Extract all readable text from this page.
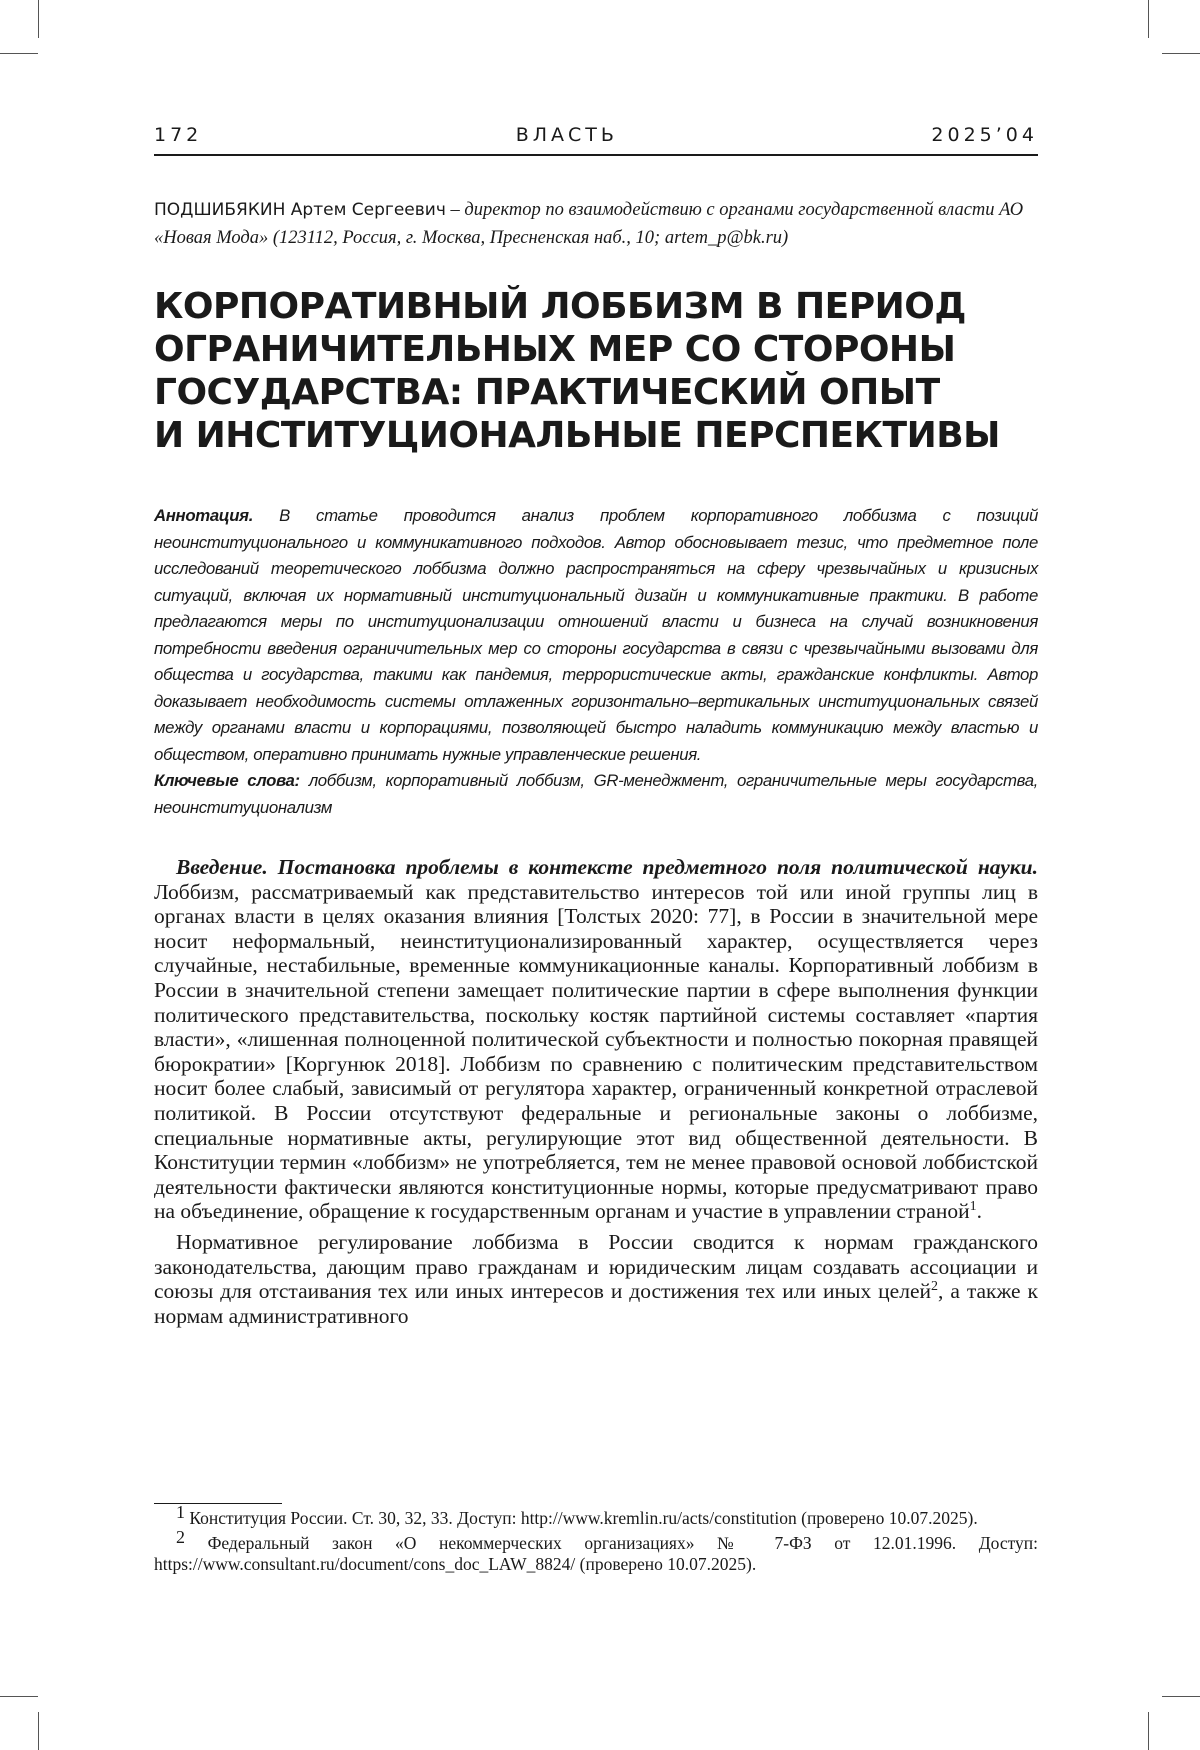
172	ВЛАСТЬ	2025’04
ПОДШИБЯКИН Артем Сергеевич – директор по взаимодействию с органами государственной власти АО «Новая Мода» (123112, Россия, г. Москва, Пресненская наб., 10; artem_p@bk.ru)
КОРПОРАТИВНЫЙ ЛОББИЗМ В ПЕРИОД
ОГРАНИЧИТЕЛЬНЫХ МЕР СО СТОРОНЫ
ГОСУДАРСТВА: ПРАКТИЧЕСКИЙ ОПЫТ
И ИНСТИТУЦИОНАЛЬНЫЕ ПЕРСПЕКТИВЫ

Аннотация. В статье проводится анализ проблем корпоративного лоббизма с позиций неоинституционального и коммуникативного подходов. Автор обосновывает тезис, что предметное поле исследований теоретического лоббизма должно распространяться на сферу чрезвычайных и кризисных ситуаций, включая их нормативный институциональный дизайн и коммуникативные практики. В работе предлагаются меры по институционализации отношений власти и бизнеса на случай возникновения потребности введения ограничительных мер со стороны государства в связи с чрезвычайными вызовами для общества и государства, такими как пандемия, террористические акты, гражданские конфликты. Автор доказывает необходимость системы отлаженных горизонтально–вертикальных институциональных связей между органами власти и корпорациями, позволяющей быстро наладить коммуникацию между властью и обществом, оперативно принимать нужные управленческие решения.

Ключевые слова: лоббизм, корпоративный лоббизм, GR-менеджмент, ограничительные меры государства, неоинституционализм

Введение. Постановка проблемы в контексте предметного поля политической науки. Лоббизм, рассматриваемый как представительство интересов той или иной группы лиц в органах власти в целях оказания влияния [Толстых 2020: 77], в России в значительной мере носит неформальный, неинституционализированный характер, осуществляется через случайные, нестабильные, временные коммуникационные каналы. Корпоративный лоббизм в России в значительной степени замещает политические партии в сфере выполнения функции политического представительства, поскольку костяк партийной системы составляет «партия власти», «лишенная полноценной политической субъектности и полностью покорная правящей бюрократии» [Коргунюк 2018]. Лоббизм по сравнению с политическим представительством носит более слабый, зависимый от регулятора характер, ограниченный конкретной отраслевой политикой. В России отсутствуют федеральные и региональные законы о лоббизме, специальные нормативные акты, регулирующие этот вид общественной деятельности. В Конституции термин «лоббизм» не употребляется, тем не менее правовой основой лоббистской деятельности фактически являются конституционные нормы, которые предусматривают право на объединение, обращение к государственным органам и участие в управлении страной1.

Нормативное регулирование лоббизма в России сводится к нормам гражданского законодательства, дающим право гражданам и юридическим лицам создавать ассоциации и союзы для отстаивания тех или иных интересов и достижения тех или иных целей2, а также к нормам административного

1 Конституция России. Ст. 30, 32, 33. Доступ: http://www.kremlin.ru/acts/constitution (проверено 10.07.2025).

2 Федеральный закон «О некоммерческих организациях» № 7-ФЗ от 12.01.1996. Доступ: https://www.consultant.ru/document/cons_doc_LAW_8824/ (проверено 10.07.2025).
